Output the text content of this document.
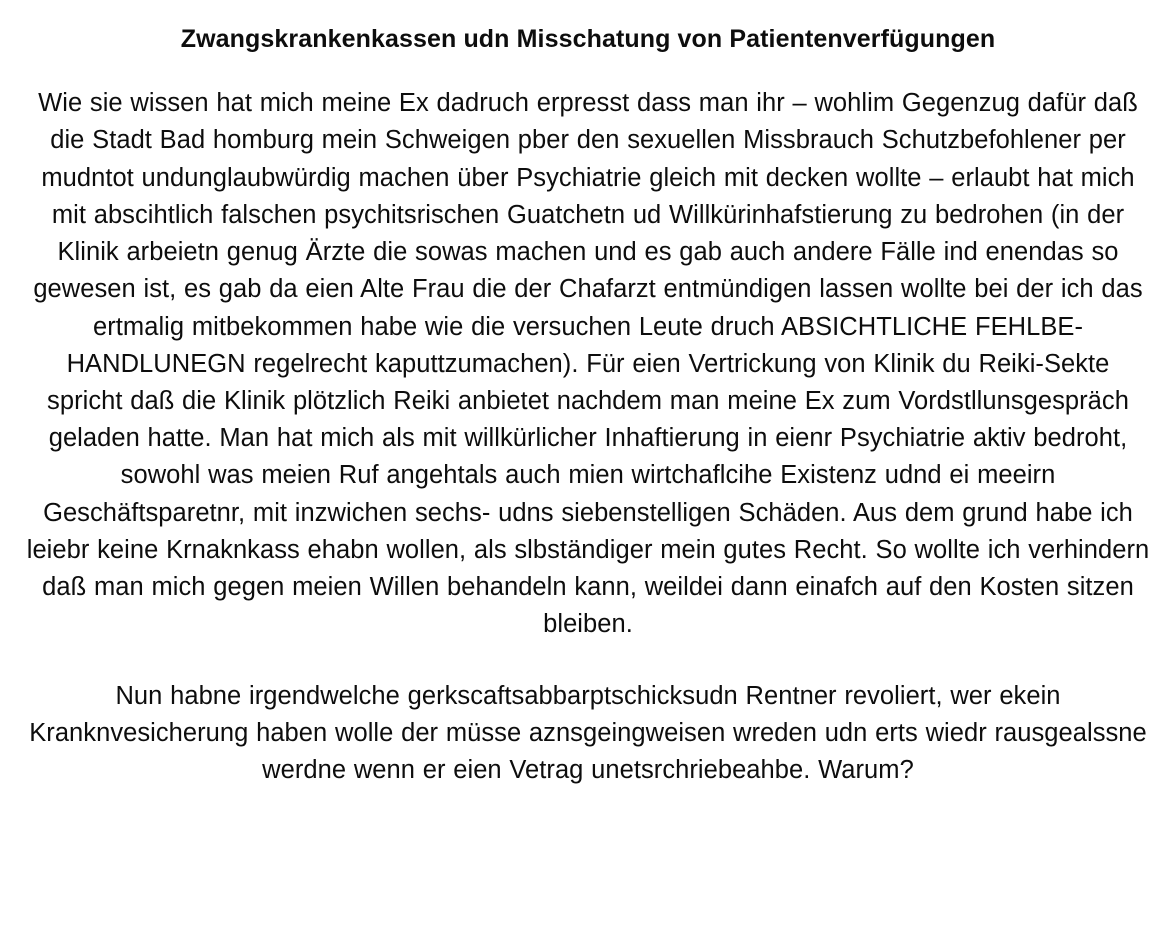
Zwangskrankenkassen udn Misschatung von Patientenverfügungen

Wie sie wissen hat mich meine Ex dadruch erpresst dass man ihr – wohlim Gegenzug dafür daß die Stadt Bad homburg mein Schweigen pber den sexuellen Missbrauch Schutzbefohlener per mudntot undunglaubwürdig machen über Psychiatrie gleich mit decken wollte – erlaubt hat mich mit abscihtlich falschen psychitsrischen Guatchetn ud Willkürinhafstierung zu bedrohen (in der Klinik arbeietn genug Ärzte die sowas machen und es gab auch andere Fälle ind enendas so gewesen ist, es gab da eien Alte Frau die der Chafarzt entmündigen lassen wollte bei der ich das ertmalig mitbekommen habe wie die versuchen Leute druch ABSICHTLICHE FEHLBE-HANDLUNEGN regelrecht kaputtzumachen). Für eien Vertrickung von Klinik du Reiki-Sekte spricht daß die Klinik plötzlich Reiki anbietet nachdem man meine Ex zum Vordstllunsgespräch geladen hatte. Man hat mich als mit willkürlicher Inhaftierung in eienr Psychiatrie aktiv bedroht, sowohl was meien Ruf angehtals auch mien wirtchaflcihe Existenz udnd ei meeirn Geschäftsparetnr, mit inzwichen sechs- udns siebenstelligen Schäden. Aus dem grund habe ich leiebr keine Krnaknkass ehabn wollen, als slbständiger mein gutes Recht. So wollte ich verhindern daß man mich gegen meien Willen behandeln kann, weildei dann einafch auf den Kosten sitzen bleiben.

Nun habne irgendwelche gerkscaftsabbarptschicksudn Rentner revoliert, wer ekein Kranknvesicherung haben wolle der müsse aznsgeingweisen wreden udn erts wiedr rausgealssne werdne wenn er eien Vetrag unetsrchriebeahbe. Warum?
